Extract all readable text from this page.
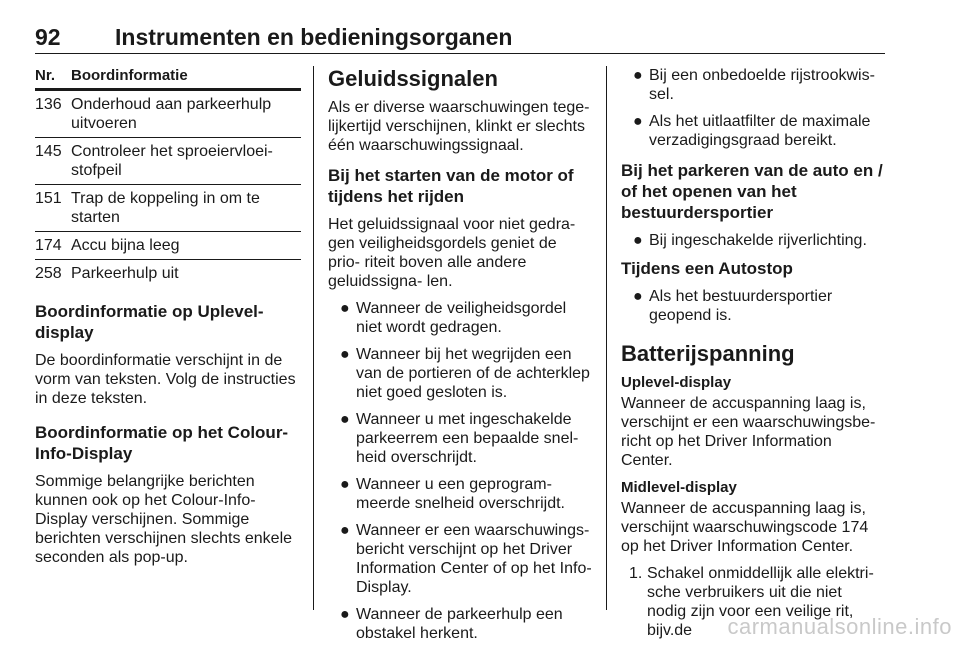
92 Instrumenten en bedieningsorganen
Nr.	Boordinformatie
136 Onderhoud aan parkeerhulp uitvoeren
145 Controleer het sproeiervloei- stofpeil
151 Trap de koppeling in om te starten
174 Accu bijna leeg
258 Parkeerhulp uit
Boordinformatie op Uplevel-display

De boordinformatie verschijnt in de vorm van teksten. Volg de instructies in deze teksten.

Boordinformatie op het Colour-Info-Display

Sommige belangrijke berichten kunnen ook op het Colour-Info-Display verschijnen. Sommige berichten verschijnen slechts enkele seconden als pop-up.

Geluidssignalen

Als er diverse waarschuwingen tege- lijkertijd verschijnen, klinkt er slechts één waarschuwingssignaal.

Bij het starten van de motor of tijdens het rijden

Het geluidssignaal voor niet gedra- gen veiligheidsgordels geniet de prio- riteit boven alle andere geluidssigna- len.

● Wanneer de veiligheidsgordel niet wordt gedragen.
● Wanneer bij het wegrijden een van de portieren of de achterklep niet goed gesloten is.
● Wanneer u met ingeschakelde parkeerrem een bepaalde snel- heid overschrijdt.
● Wanneer u een geprogram- meerde snelheid overschrijdt.
● Wanneer er een waarschuwings- bericht verschijnt op het Driver Information Center of op het Info- Display.
● Wanneer de parkeerhulp een obstakel herkent.
● Bij een onbedoelde rijstrookwis- sel.
● Als het uitlaatfilter de maximale verzadigingsgraad bereikt.
Bij het parkeren van de auto en / of het openen van het bestuurdersportier
● Bij ingeschakelde rijverlichting.
Tijdens een Autostop
● Als het bestuurdersportier geopend is.
Batterijspanning
Uplevel-display

Wanneer de accuspanning laag is, verschijnt er een waarschuwingsbe- richt op het Driver Information Center.

Midlevel-display

Wanneer de accuspanning laag is, verschijnt waarschuwingscode 174 op het Driver Information Center.

1. Schakel onmiddellijk alle elektri- sche verbruikers uit die niet nodig zijn voor een veilige rit, bijv.de	carmanualsonline.info
